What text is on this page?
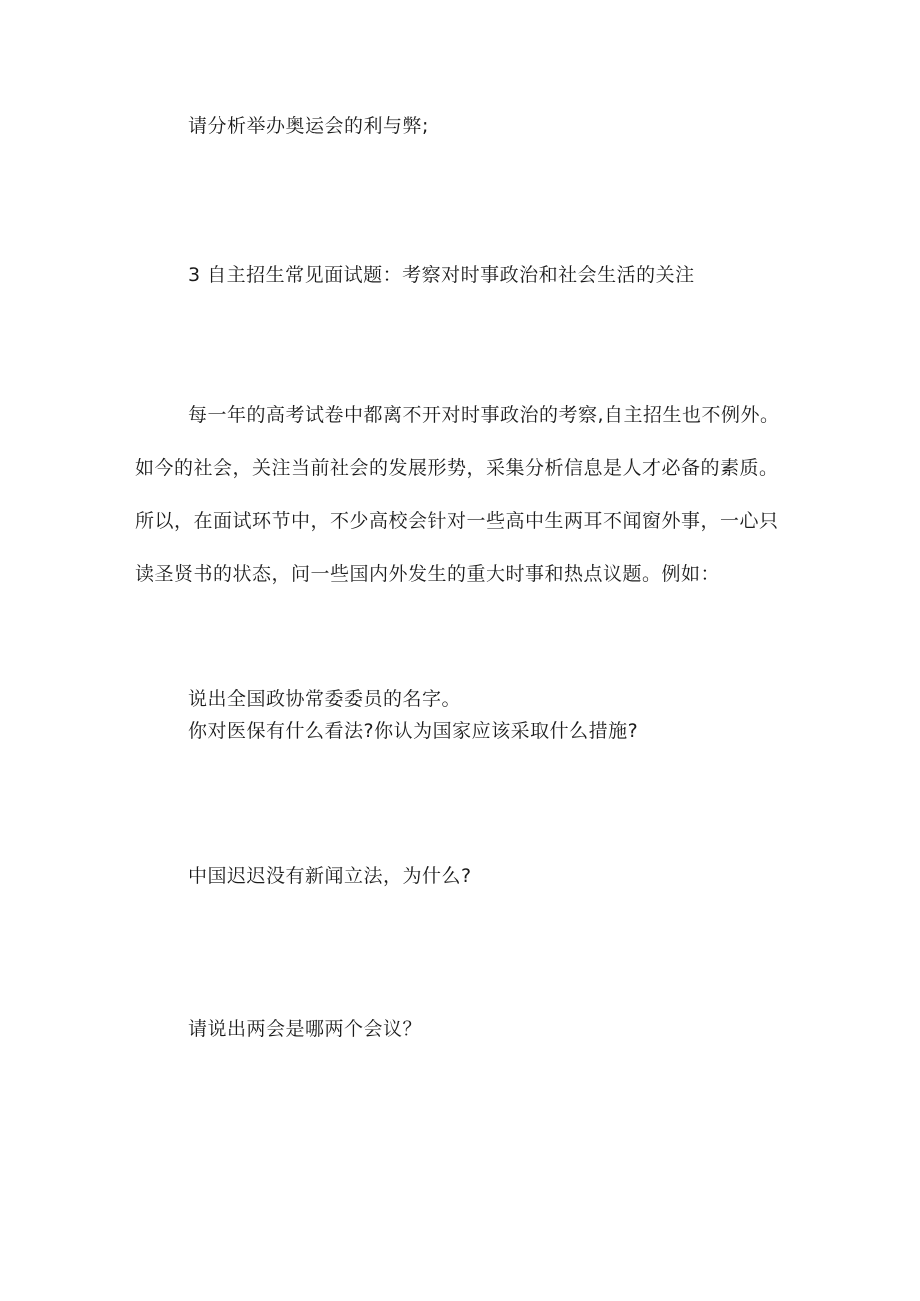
请分析举办奥运会的利与弊;
3 自主招生常见面试题：考察对时事政治和社会生活的关注
每一年的高考试卷中都离不开对时事政治的考察,自主招生也不例外。
如今的社会，关注当前社会的发展形势，采集分析信息是人才必备的素质。
所以，在面试环节中，不少高校会针对一些高中生两耳不闻窗外事，一心只
读圣贤书的状态，问一些国内外发生的重大时事和热点议题。例如：
说出全国政协常委委员的名字。
你对医保有什么看法?你认为国家应该采取什么措施?
中国迟迟没有新闻立法，为什么?
请说出两会是哪两个会议？
